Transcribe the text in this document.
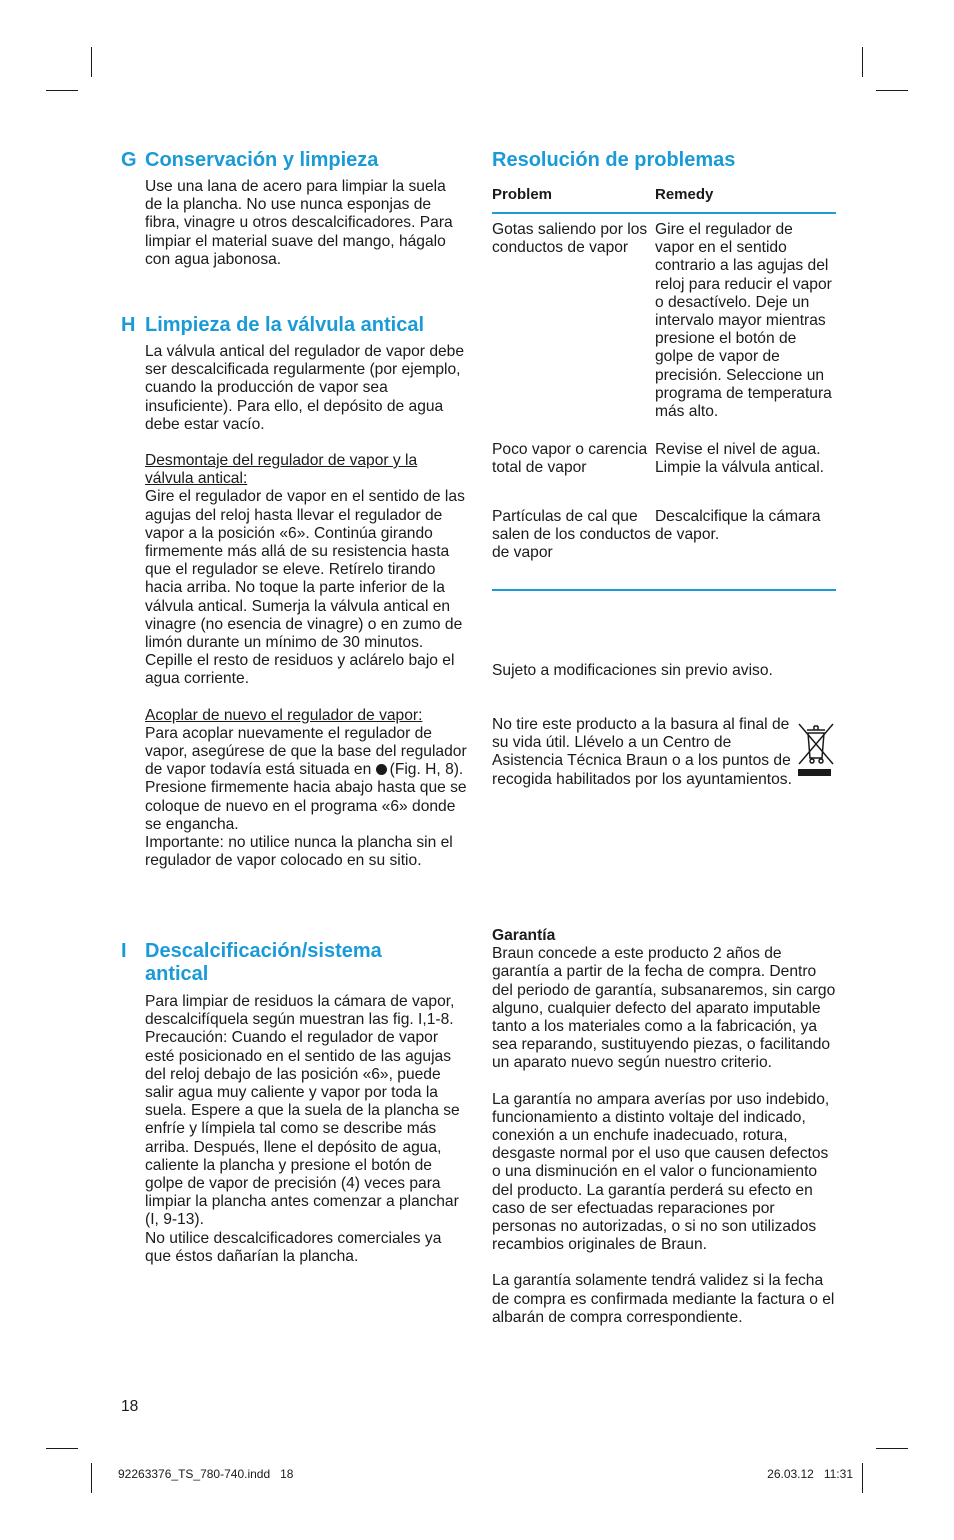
G Conservación y limpieza

Use una lana de acero para limpiar la suela de la plancha. No use nunca esponjas de fibra, vinagre u otros descalcificadores. Para limpiar el material suave del mango, hágalo con agua jabonosa.

H Limpieza de la válvula antical

La válvula antical del regulador de vapor debe ser descalcificada regularmente (por ejemplo, cuando la producción de vapor sea insuficiente). Para ello, el depósito de agua debe estar vacío.

Desmontaje del regulador de vapor y la válvula antical:

Gire el regulador de vapor en el sentido de las agujas del reloj hasta llevar el regulador de vapor a la posición «6». Continúa girando firmemente más allá de su resistencia hasta que el regulador se eleve. Retírelo tirando hacia arriba. No toque la parte inferior de la válvula antical. Sumerja la válvula antical en vinagre (no esencia de vinagre) o en zumo de limón durante un mínimo de 30 minutos. Cepille el resto de residuos y aclárelo bajo el agua corriente.

Acoplar de nuevo el regulador de vapor:

Para acoplar nuevamente el regulador de vapor, asegúrese de que la base del regulador de vapor todavía está situada en (Fig. H, 8). Presione firmemente hacia abajo hasta que se coloque de nuevo en el programa «6» donde se engancha.

Importante: no utilice nunca la plancha sin el regulador de vapor colocado en su sitio.

I Descalcificación/sistema antical

Para limpiar de residuos la cámara de vapor, descalcifíquela según muestran las fig. I,1-8. Precaución: Cuando el regulador de vapor esté posicionado en el sentido de las agujas del reloj debajo de las posición «6», puede salir agua muy caliente y vapor por toda la suela. Espere a que la suela de la plancha se enfríe y límpiela tal como se describe más arriba. Después, llene el depósito de agua, caliente la plancha y presione el botón de golpe de vapor de precisión (4) veces para limpiar la plancha antes comenzar a planchar (I, 9-13).

No utilice descalcificadores comerciales ya que éstos dañarían la plancha.

Resolución de problemas
Problem	Remedy
Gotas saliendo por los conductos de vapor
Gire el regulador de vapor en el sentido contrario a las agujas del reloj para reducir el vapor o desactívelo. Deje un intervalo mayor mientras presione el botón de golpe de vapor de precisión. Seleccione un programa de temperatura más alto.
Poco vapor o carencia total de vapor
Revise el nivel de agua. Limpie la válvula antical.
Partículas de cal que salen de los conductos de vapor
Descalcifique la cámara de vapor.

Sujeto a modificaciones sin previo aviso.

No tire este producto a la basura al final de su vida útil. Llévelo a un Centro de Asistencia Técnica Braun o a los puntos de recogida habilitados por los ayuntamientos.

Garantía

Braun concede a este producto 2 años de garantía a partir de la fecha de compra. Dentro del periodo de garantía, subsanaremos, sin cargo alguno, cualquier defecto del aparato imputable tanto a los materiales como a la fabricación, ya sea reparando, sustituyendo piezas, o facilitando un aparato nuevo según nuestro criterio.

La garantía no ampara averías por uso indebido, funcionamiento a distinto voltaje del indicado, conexión a un enchufe inadecuado, rotura, desgaste normal por el uso que causen defectos o una disminución en el valor o funcionamiento del producto. La garantía perderá su efecto en caso de ser efectuadas reparaciones por personas no autorizadas, o si no son utilizados recambios originales de Braun.

La garantía solamente tendrá validez si la fecha de compra es confirmada mediante la factura o el albarán de compra correspondiente.

18
92263376_TS_780-740.indd   18	26.03.12   11:31
